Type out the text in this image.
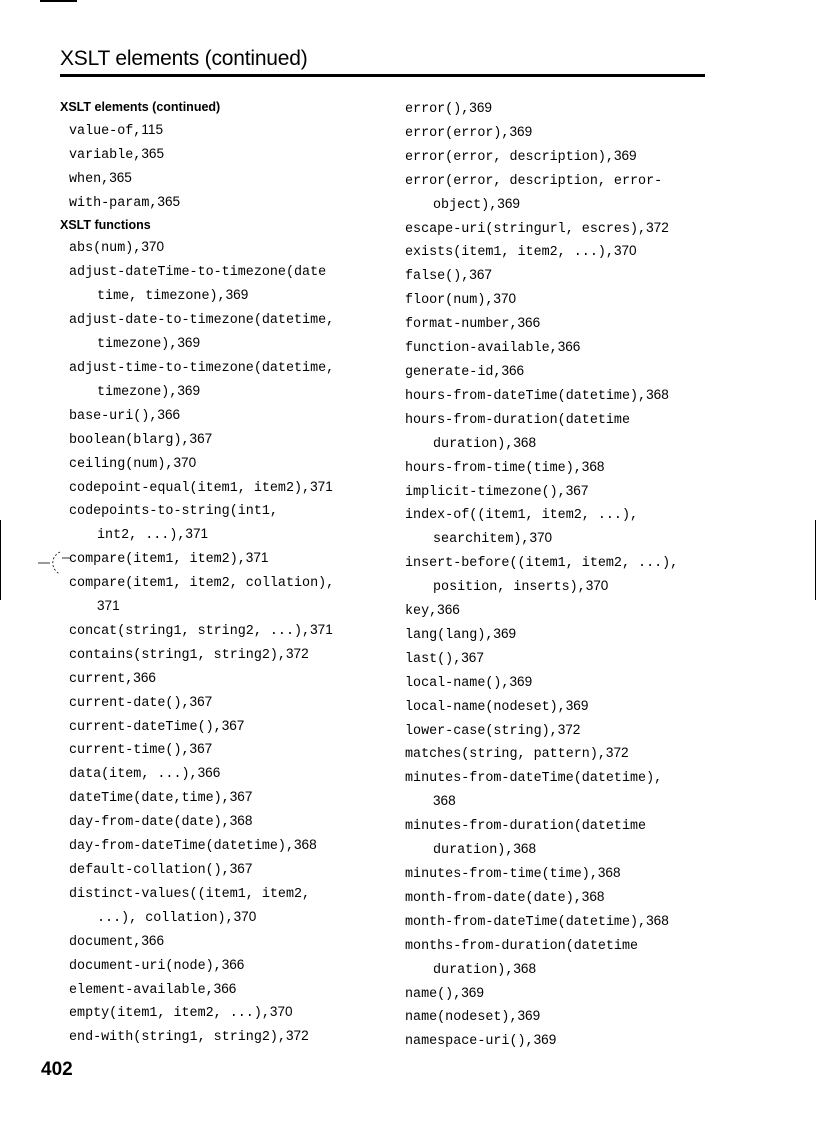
XSLT elements (continued)
XSLT elements (continued)
value-of,115
variable,365
when,365
with-param,365
XSLT functions
abs(num),370
adjust-dateTime-to-timezone(date
time, timezone),369
adjust-date-to-timezone(datetime,
timezone),369
adjust-time-to-timezone(datetime,
timezone),369
base-uri(),366
boolean(blarg),367
ceiling(num),370
codepoint-equal(item1, item2),371
codepoints-to-string(int1,
int2, ...),371
compare(item1, item2),371
compare(item1, item2, collation),
371
concat(string1, string2, ...),371
contains(string1, string2),372
current,366
current-date(),367
current-dateTime(),367
current-time(),367
data(item, ...),366
dateTime(date,time),367
day-from-date(date),368
day-from-dateTime(datetime),368
default-collation(),367
distinct-values((item1, item2,
...), collation),370
document,366
document-uri(node),366
element-available,366
empty(item1, item2, ...),370
end-with(string1, string2),372
error(),369
error(error),369
error(error, description),369
error(error, description, error-
object),369
escape-uri(stringurl, escres),372
exists(item1, item2, ...),370
false(),367
floor(num),370
format-number,366
function-available,366
generate-id,366
hours-from-dateTime(datetime),368
hours-from-duration(datetime
duration),368
hours-from-time(time),368
implicit-timezone(),367
index-of((item1, item2, ...),
searchitem),370
insert-before((item1, item2, ...),
position, inserts),370
key,366
lang(lang),369
last(),367
local-name(),369
local-name(nodeset),369
lower-case(string),372
matches(string, pattern),372
minutes-from-dateTime(datetime),
368
minutes-from-duration(datetime
duration),368
minutes-from-time(time),368
month-from-date(date),368
month-from-dateTime(datetime),368
months-from-duration(datetime
duration),368
name(),369
name(nodeset),369
namespace-uri(),369
402
